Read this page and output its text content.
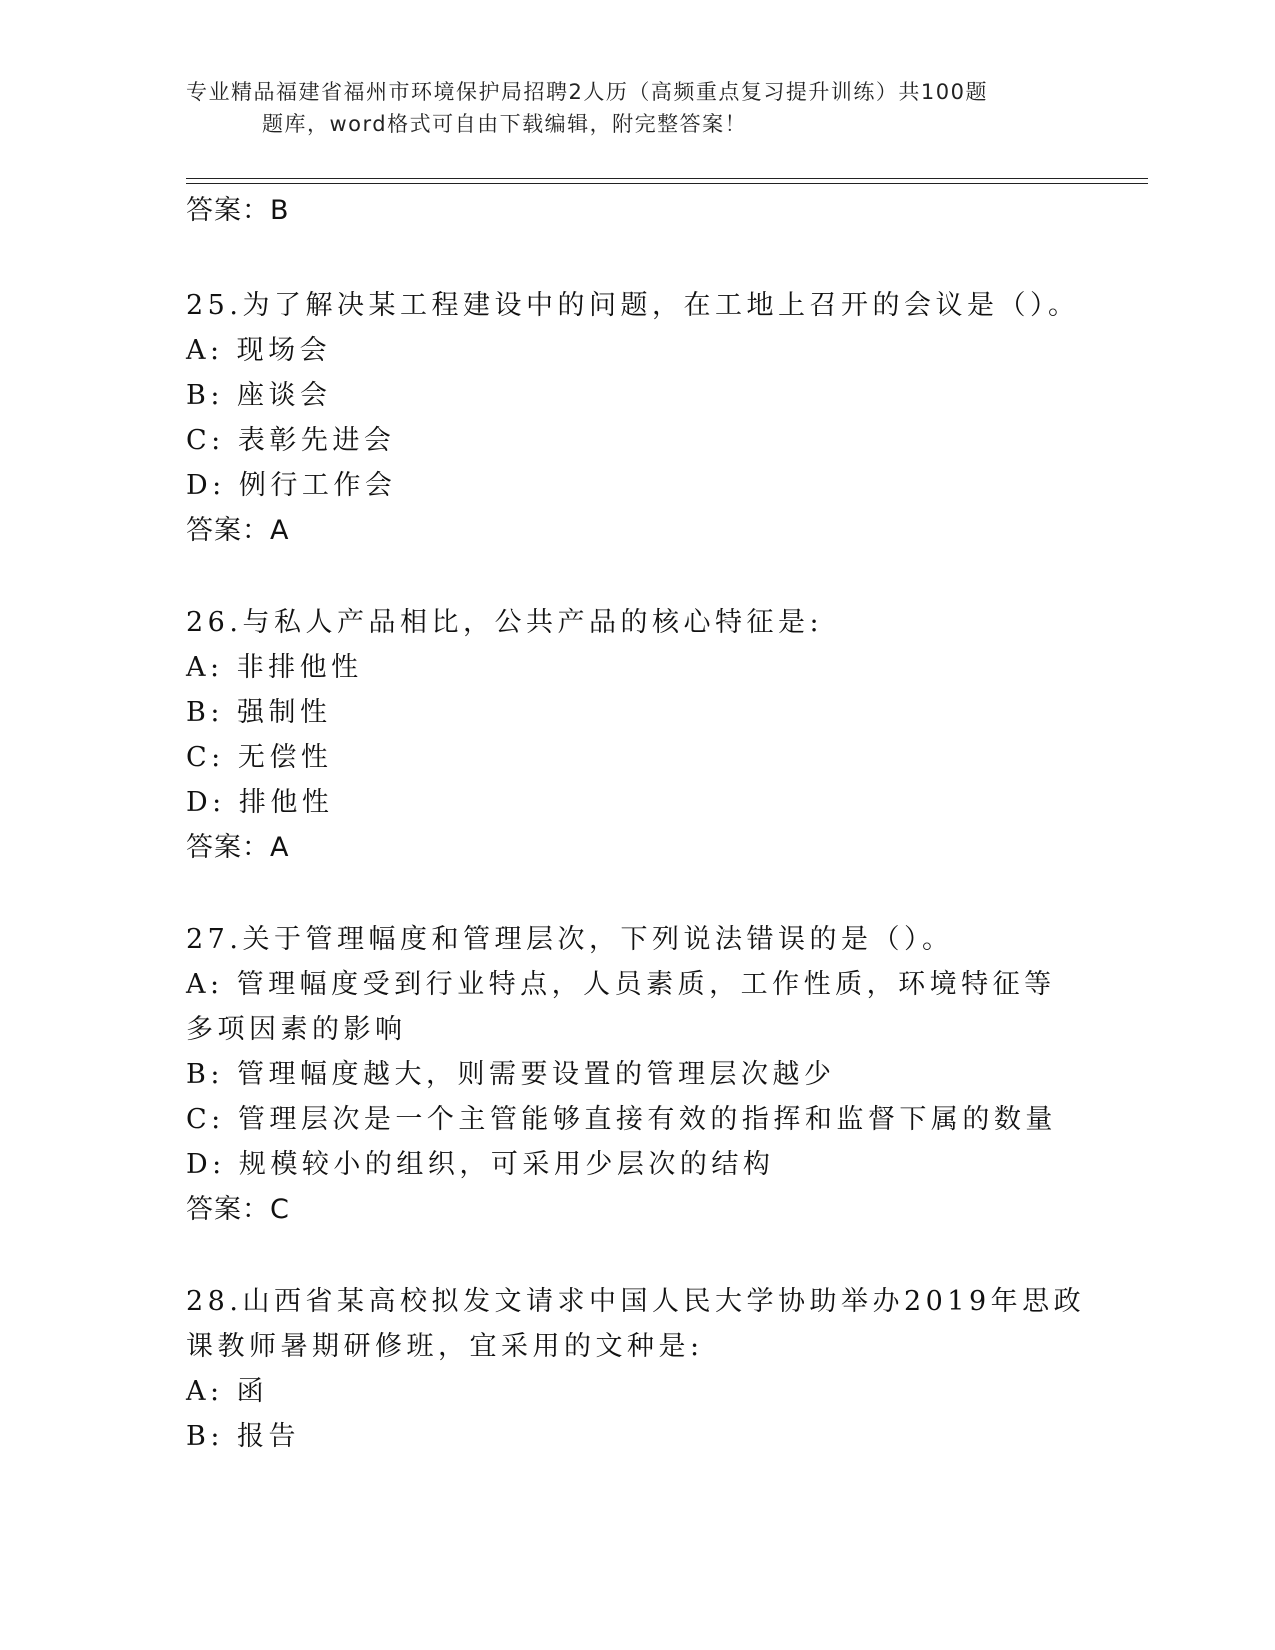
专业精品福建省福州市环境保护局招聘2人历（高频重点复习提升训练）共100题
题库，word格式可自由下载编辑，附完整答案！
答案：B
25.为了解决某工程建设中的问题，在工地上召开的会议是（）。
A: 现场会
B: 座谈会
C: 表彰先进会
D: 例行工作会
答案：A
26.与私人产品相比，公共产品的核心特征是:
A: 非排他性
B: 强制性
C: 无偿性
D: 排他性
答案：A
27.关于管理幅度和管理层次，下列说法错误的是（）。
A: 管理幅度受到行业特点，人员素质，工作性质，环境特征等多项因素的影响
B: 管理幅度越大，则需要设置的管理层次越少
C: 管理层次是一个主管能够直接有效的指挥和监督下属的数量
D: 规模较小的组织，可采用少层次的结构
答案：C
28.山西省某高校拟发文请求中国人民大学协助举办2019年思政课教师暑期研修班，宜采用的文种是:
A: 函
B: 报告
